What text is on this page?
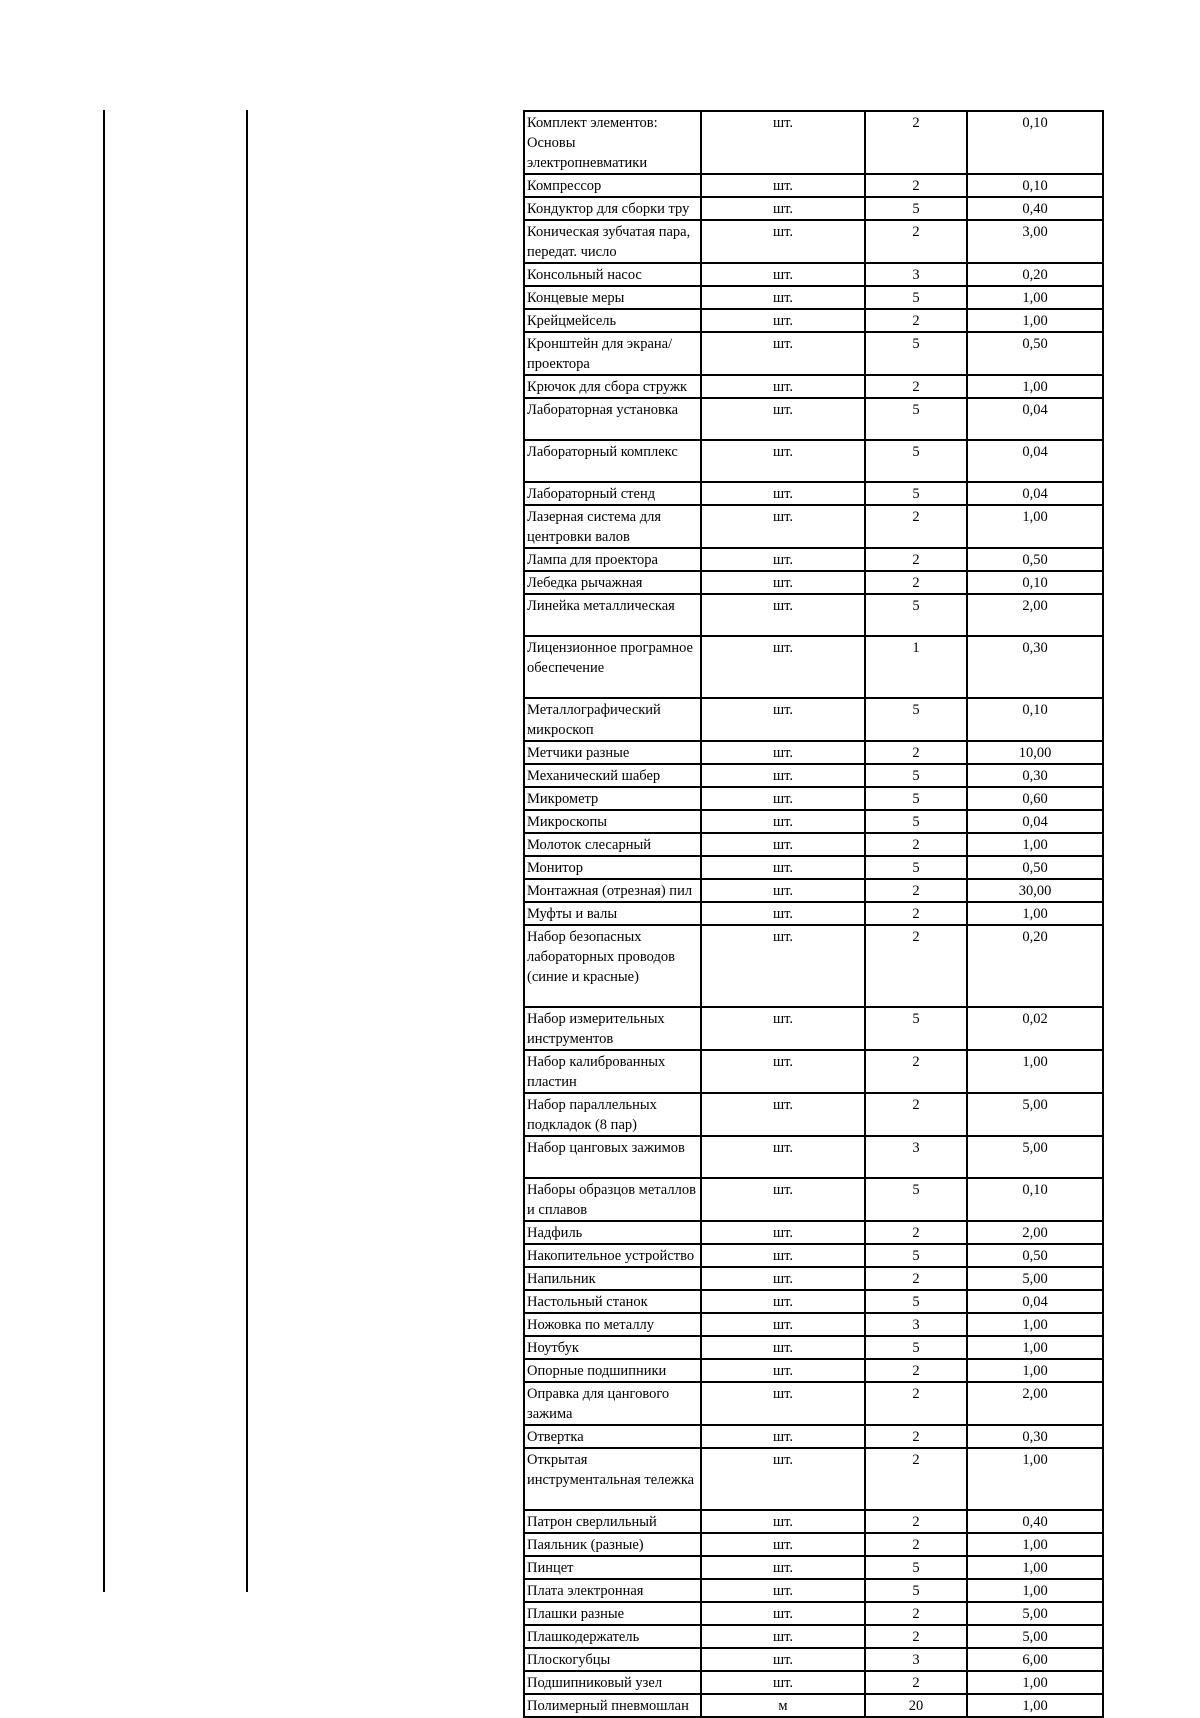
Комплект элементов: Основы электропневматики	шт.	2	0,10
Компрессор	шт.	2	0,10
Кондуктор для сборки тру	шт.	5	0,40
Коническая зубчатая пара, передат. число	шт.	2	3,00
Консольный насос	шт.	3	0,20
Концевые меры	шт.	5	1,00
Крейцмейсель	шт.	2	1,00
Кронштейн для экрана/ проектора	шт.	5	0,50
Крючок для сбора стружк	шт.	2	1,00
Лабораторная установка	шт.	5	0,04
Лабораторный комплекс	шт.	5	0,04
Лабораторный стенд	шт.	5	0,04
Лазерная система для центровки валов	шт.	2	1,00
Лампа для проектора	шт.	2	0,50
Лебедка рычажная	шт.	2	0,10
Линейка металлическая	шт.	5	2,00
Лицензионное програмное обеспечение	шт.	1	0,30
Металлографический микроскоп	шт.	5	0,10
Метчики разные	шт.	2	10,00
Механический шабер	шт.	5	0,30
Микрометр	шт.	5	0,60
Микроскопы	шт.	5	0,04
Молоток слесарный	шт.	2	1,00
Монитор	шт.	5	0,50
Монтажная (отрезная) пил	шт.	2	30,00
Муфты и валы	шт.	2	1,00
Набор безопасных лабораторных проводов (синие и красные)	шт.	2	0,20
Набор измерительных инструментов	шт.	5	0,02
Набор калиброванных пластин	шт.	2	1,00
Набор параллельных подкладок (8 пар)	шт.	2	5,00
Набор цанговых зажимов	шт.	3	5,00
Наборы образцов металлов и сплавов	шт.	5	0,10
Надфиль	шт.	2	2,00
Накопительное устройство	шт.	5	0,50
Напильник	шт.	2	5,00
Настольный станок	шт.	5	0,04
Ножовка по металлу	шт.	3	1,00
Ноутбук	шт.	5	1,00
Опорные подшипники	шт.	2	1,00
Оправка для цангового зажима	шт.	2	2,00
Отвертка	шт.	2	0,30
Открытая инструментальная тележка	шт.	2	1,00
Патрон сверлильный	шт.	2	0,40
Паяльник (разные)	шт.	2	1,00
Пинцет	шт.	5	1,00
Плата электронная	шт.	5	1,00
Плашки разные	шт.	2	5,00
Плашкодержатель	шт.	2	5,00
Плоскогубцы	шт.	3	6,00
Подшипниковый узел	шт.	2	1,00
Полимерный пневмошлан	м	20	1,00
